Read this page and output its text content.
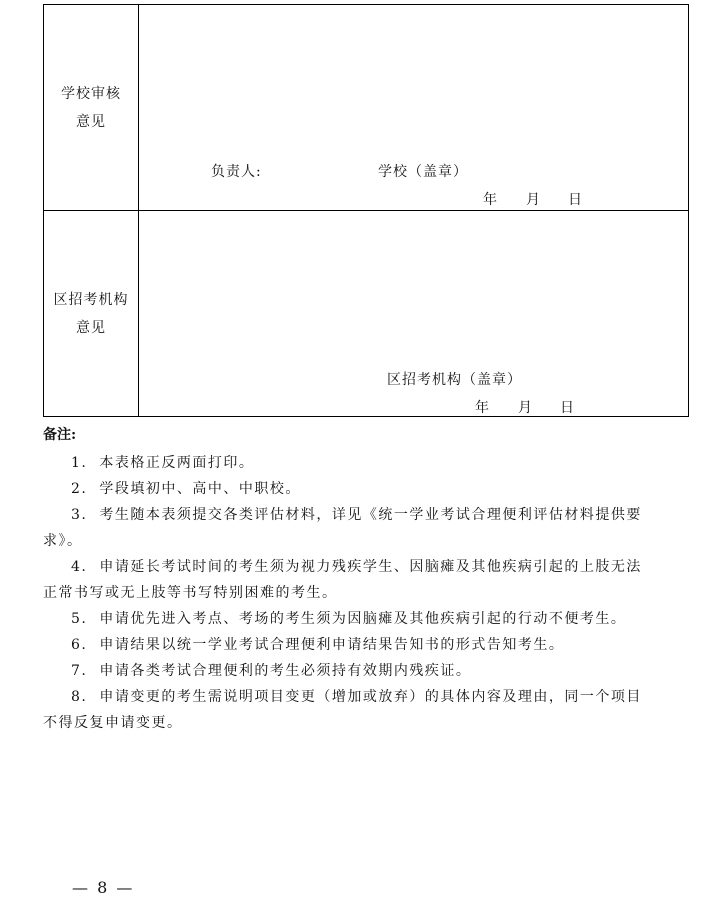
学校审核
意见
负责人:	学校（盖章）
年 月 日
区招考机构
意见
区招考机构（盖章）
年 月 日
备注:
1. 本表格正反两面打印。
2. 学段填初中、高中、中职校。
3. 考生随本表须提交各类评估材料，详见《统一学业考试合理便利评估材料提供要
求》。
4. 申请延长考试时间的考生须为视力残疾学生、因脑瘫及其他疾病引起的上肢无法
正常书写或无上肢等书写特别困难的考生。
5. 申请优先进入考点、考场的考生须为因脑瘫及其他疾病引起的行动不便考生。
6. 申请结果以统一学业考试合理便利申请结果告知书的形式告知考生。
7. 申请各类考试合理便利的考生必须持有效期内残疾证。
8. 申请变更的考生需说明项目变更（增加或放弃）的具体内容及理由，同一个项目
不得反复申请变更。
— 8 —
